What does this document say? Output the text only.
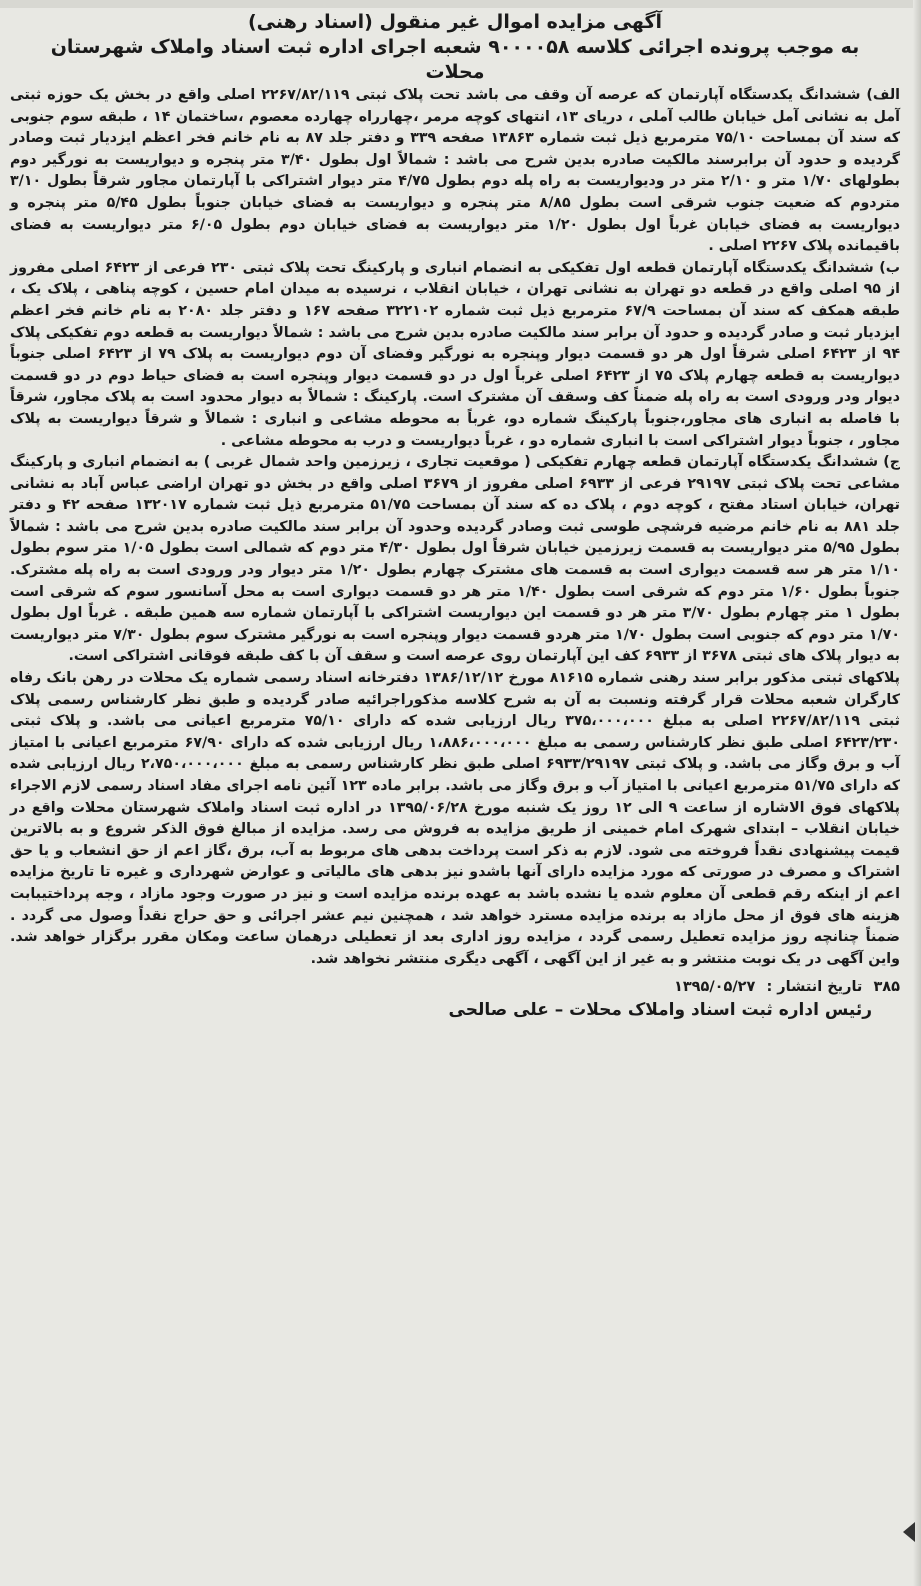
آگهی مزایده اموال غیر منقول (اسناد رهنی)

به موجب پرونده اجرائی کلاسه ۹۰۰۰۰۵۸ شعبه اجرای اداره ثبت اسناد واملاک شهرستان

محلات

الف) ششدانگ یکدستگاه آپارتمان که عرصه آن وقف می باشد تحت پلاک ثبتی ۲۲۶۷/۸۲/۱۱۹ اصلی واقع در بخش یک حوزه ثبتی آمل به نشانی آمل خیابان طالب آملی ، دریای ۱۳، انتهای کوچه مرمر ،چهارراه چهارده معصوم ،ساختمان ۱۴ ، طبقه سوم جنوبی که سند آن بمساحت ۷۵/۱۰ مترمربع ذیل ثبت شماره ۱۳۸۶۳ صفحه ۳۳۹ و دفتر جلد ۸۷ به نام خانم فخر اعظم ایزدیار ثبت وصادر گردیده و حدود آن برابرسند مالکیت صادره بدین شرح می باشد : شمالاً اول بطول ۳/۴۰ متر پنجره و دیواریست به نورگیر دوم بطولهای ۱/۷۰ متر و ۲/۱۰ متر در ودیواریست به راه پله دوم بطول ۴/۷۵ متر دیوار اشتراکی با آپارتمان مجاور شرقاً بطول ۳/۱۰ متردوم که ضعیت جنوب شرقی است بطول ۸/۸۵ متر پنجره و دیواریست به فضای خیابان جنوباً بطول ۵/۴۵ متر پنجره و دیواریست به فضای خیابان غرباً اول بطول ۱/۲۰ متر دیواریست به فضای خیابان دوم بطول ۶/۰۵ متر دیواریست به فضای باقیمانده پلاک ۲۲۶۷ اصلی .

ب) ششدانگ یکدستگاه آپارتمان قطعه اول تفکیکی به انضمام انباری و پارکینگ تحت پلاک ثبتی ۲۳۰ فرعی از ۶۴۲۳ اصلی مفروز از ۹۵ اصلی واقع در قطعه دو تهران به نشانی تهران ، خیابان انقلاب ، نرسیده به میدان امام حسین ، کوچه پناهی ، پلاک یک ، طبقه همکف که سند آن بمساحت ۶۷/۹ مترمربع ذیل ثبت شماره ۳۲۲۱۰۲ صفحه ۱۶۷ و دفتر جلد ۲۰۸۰ به نام خانم فخر اعظم ایزدیار ثبت و صادر گردیده و حدود آن برابر سند مالکیت صادره بدین شرح می باشد : شمالاً دیواریست به قطعه دوم تفکیکی پلاک ۹۴ از ۶۴۲۳ اصلی شرقاً اول هر دو قسمت دیوار وپنجره به نورگیر وفضای آن دوم دیواریست به پلاک ۷۹ از ۶۴۲۳ اصلی جنوباً دیواریست به قطعه چهارم پلاک ۷۵ از ۶۴۲۳ اصلی غرباً اول در دو قسمت دیوار وپنجره است به فضای حیاط دوم در دو قسمت دیوار ودر ورودی است به راه پله ضمناً کف وسقف آن مشترک است. پارکینگ : شمالاً به دیوار محدود است به پلاک مجاور، شرقاً با فاصله به انباری های مجاور،جنوباً پارکینگ شماره دو، غرباً به محوطه مشاعی و انباری : شمالاً و شرقاً دیواریست به پلاک مجاور ، جنوباً دیوار اشتراکی است با انباری شماره دو ، غرباً دیواریست و درب به محوطه مشاعی .

ج) ششدانگ یکدستگاه آپارتمان قطعه چهارم تفکیکی ( موقعیت تجاری ، زیرزمین واحد شمال غربی ) به انضمام انباری و پارکینگ مشاعی تحت پلاک ثبتی ۲۹۱۹۷ فرعی از ۶۹۳۳ اصلی مفروز از ۳۶۷۹ اصلی واقع در بخش دو تهران اراضی عباس آباد به نشانی تهران، خیابان استاد مفتح ، کوچه دوم ، پلاک ده که سند آن بمساحت ۵۱/۷۵ مترمربع ذیل ثبت شماره ۱۳۲۰۱۷ صفحه ۴۲ و دفتر جلد ۸۸۱ به نام خانم مرضیه فرشچی طوسی ثبت وصادر گردیده وحدود آن برابر سند مالکیت صادره بدین شرح می باشد : شمالاً بطول ۵/۹۵ متر دیواریست به قسمت زیرزمین خیابان شرقاً اول بطول ۴/۳۰ متر دوم که شمالی است بطول ۱/۰۵ متر سوم بطول ۱/۱۰ متر هر سه قسمت دیواری است به قسمت های مشترک چهارم بطول ۱/۲۰ متر دیوار ودر ورودی است به راه پله مشترک. جنوباً بطول ۱/۶۰ متر دوم که شرقی است بطول ۱/۴۰ متر هر دو قسمت دیواری است به محل آسانسور سوم که شرقی است بطول ۱ متر چهارم بطول ۳/۷۰ متر هر دو قسمت این دیواریست اشتراکی با آپارتمان شماره سه همین طبقه . غرباً اول بطول ۱/۷۰ متر دوم که جنوبی است بطول ۱/۷۰ متر هردو قسمت دیوار وپنجره است به نورگیر مشترک سوم بطول ۷/۳۰ متر دیواریست به دیوار پلاک های ثبتی ۳۶۷۸ از ۶۹۳۳ کف این آپارتمان روی عرصه است و سقف آن با کف طبقه فوقانی اشتراکی است.

پلاکهای ثبتی مذکور برابر سند رهنی شماره ۸۱۶۱۵ مورخ ۱۳۸۶/۱۲/۱۲ دفترخانه اسناد رسمی شماره یک محلات در رهن بانک رفاه کارگران شعبه محلات قرار گرفته ونسبت به آن به شرح کلاسه مذکوراجرائیه صادر گردیده و طبق نظر کارشناس رسمی پلاک ثبتی ۲۲۶۷/۸۲/۱۱۹ اصلی به مبلغ ۳۷۵،۰۰۰،۰۰۰ ریال ارزیابی شده که دارای ۷۵/۱۰ مترمربع اعیانی می باشد. و پلاک ثبتی ۶۴۲۳/۲۳۰ اصلی طبق نظر کارشناس رسمی به مبلغ ۱،۸۸۶،۰۰۰،۰۰۰ ریال ارزیابی شده که دارای ۶۷/۹۰ مترمربع اعیانی با امتیاز آب و برق وگاز می باشد. و پلاک ثبتی ۶۹۳۳/۲۹۱۹۷ اصلی طبق نظر کارشناس رسمی به مبلغ ۲،۷۵۰،۰۰۰،۰۰۰ ریال ارزیابی شده که دارای ۵۱/۷۵ مترمربع اعیانی با امتیاز آب و برق وگاز می باشد. برابر ماده ۱۲۳ آئین نامه اجرای مفاد اسناد رسمی لازم الاجراء پلاکهای فوق الاشاره از ساعت ۹ الی ۱۲ روز یک شنبه مورخ ۱۳۹۵/۰۶/۲۸ در اداره ثبت اسناد واملاک شهرستان محلات واقع در خیابان انقلاب – ابتدای شهرک امام خمینی از طریق مزایده به فروش می رسد. مزایده از مبالغ فوق الذکر شروع و به بالاترین قیمت پیشنهادی نقداً فروخته می شود. لازم به ذکر است پرداخت بدهی های مربوط به آب، برق ،گاز اعم از حق انشعاب و یا حق اشتراک و مصرف در صورتی که مورد مزایده دارای آنها باشدو نیز بدهی های مالیاتی و عوارض شهرداری و غیره تا تاریخ مزایده اعم از اینکه رقم قطعی آن معلوم شده یا نشده باشد به عهده برنده مزایده است و نیز در صورت وجود مازاد ، وجه پرداختیبابت هزینه های فوق از محل مازاد به برنده مزایده مسترد خواهد شد ، همچنین نیم عشر اجرائی و حق حراج نقداً وصول می گردد . ضمناً چنانچه روز مزایده تعطیل رسمی گردد ، مزایده روز اداری بعد از تعطیلی درهمان ساعت ومکان مقرر برگزار خواهد شد. واین آگهی در یک نوبت منتشر و به غیر از این آگهی ، آگهی دیگری منتشر نخواهد شد.

۳۸۵ تاریخ انتشار : ۱۳۹۵/۰۵/۲۷
رئیس اداره ثبت اسناد واملاک محلات – علی صالحی
